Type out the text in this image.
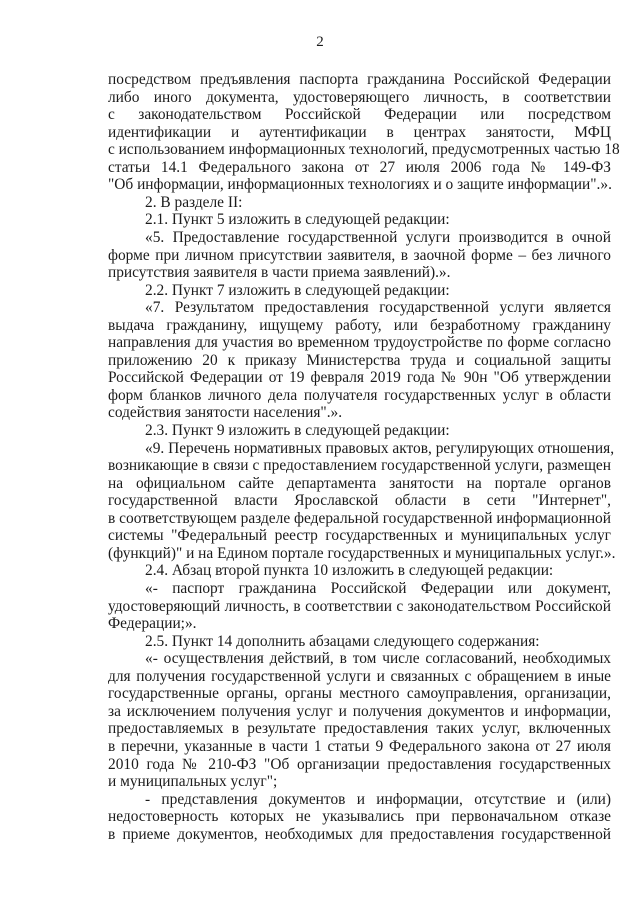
2
посредством предъявления паспорта гражданина Российской Федерации
либо иного документа, удостоверяющего личность, в соответствии
с законодательством Российской Федерации или посредством
идентификации и аутентификации в центрах занятости, МФЦ
с использованием информационных технологий, предусмотренных частью 18
статьи 14.1 Федерального закона от 27 июля 2006 года № 149-ФЗ
"Об информации, информационных технологиях и о защите информации".».
2. В разделе II:
2.1. Пункт 5 изложить в следующей редакции:
«5. Предоставление государственной услуги производится в очной
форме при личном присутствии заявителя, в заочной форме – без личного
присутствия заявителя в части приема заявлений).».
2.2. Пункт 7 изложить в следующей редакции:
«7. Результатом предоставления государственной услуги является
выдача гражданину, ищущему работу, или безработному гражданину
направления для участия во временном трудоустройстве по форме согласно
приложению 20 к приказу Министерства труда и социальной защиты
Российской Федерации от 19 февраля 2019 года № 90н "Об утверждении
форм бланков личного дела получателя государственных услуг в области
содействия занятости населения".».
2.3. Пункт 9 изложить в следующей редакции:
«9. Перечень нормативных правовых актов, регулирующих отношения,
возникающие в связи с предоставлением государственной услуги, размещен
на официальном сайте департамента занятости на портале органов
государственной власти Ярославской области в сети "Интернет",
в соответствующем разделе федеральной государственной информационной
системы "Федеральный реестр государственных и муниципальных услуг
(функций)" и на Едином портале государственных и муниципальных услуг.».
2.4. Абзац второй пункта 10 изложить в следующей редакции:
«- паспорт гражданина Российской Федерации или документ,
удостоверяющий личность, в соответствии с законодательством Российской
Федерации;».
2.5. Пункт 14 дополнить абзацами следующего содержания:
«- осуществления действий, в том числе согласований, необходимых
для получения государственной услуги и связанных с обращением в иные
государственные органы, органы местного самоуправления, организации,
за исключением получения услуг и получения документов и информации,
предоставляемых в результате предоставления таких услуг, включенных
в перечни, указанные в части 1 статьи 9 Федерального закона от 27 июля
2010 года № 210-ФЗ "Об организации предоставления государственных
и муниципальных услуг";
- представления документов и информации, отсутствие и (или)
недостоверность которых не указывались при первоначальном отказе
в приеме документов, необходимых для предоставления государственной
